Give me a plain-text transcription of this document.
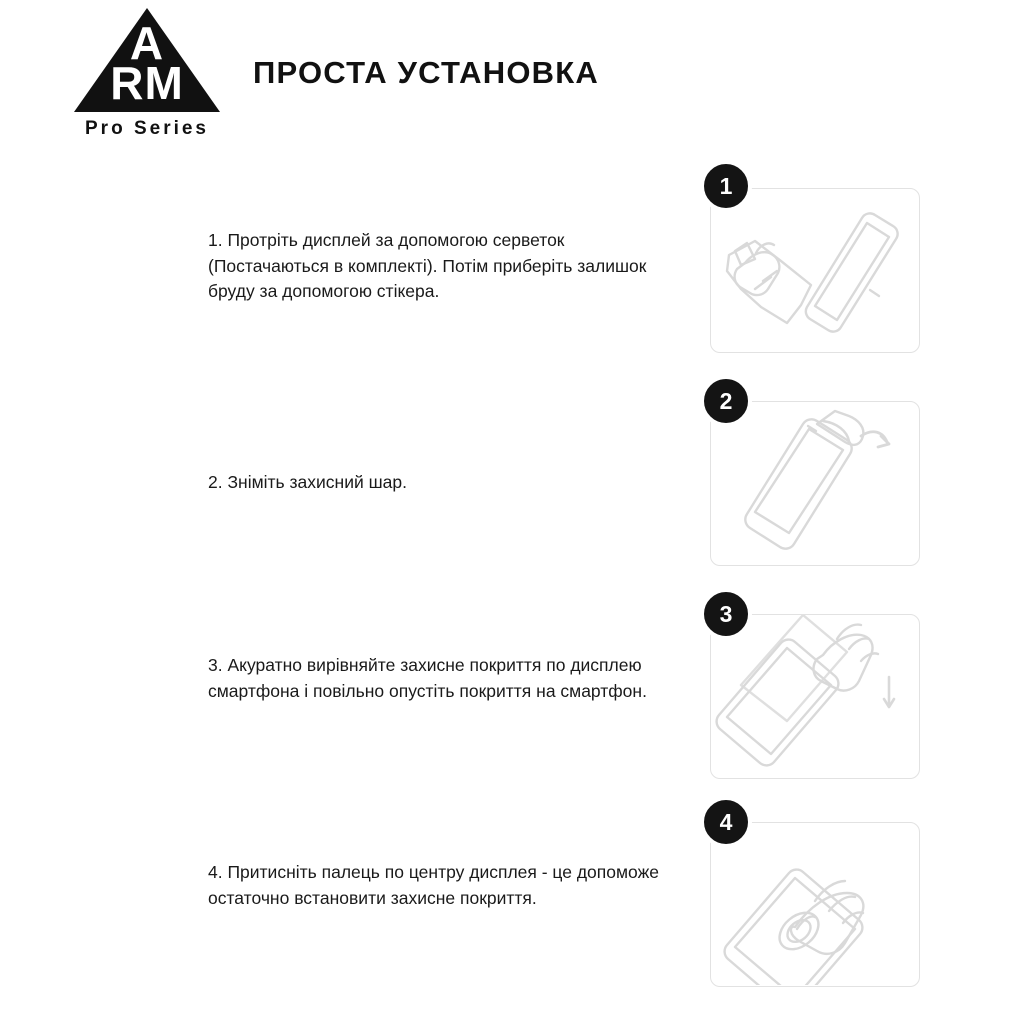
A
RM
Pro Series
ПРОСТА УСТАНОВКА
1. Протріть дисплей за допомогою серветок (Постачаються в комплекті). Потім приберіть залишок бруду за допомогою стікера.
2. Зніміть захисний шар.
3. Акуратно вирівняйте захисне покриття по дисплею смартфона і повільно опустіть покриття на смартфон.
4. Притисніть палець по центру дисплея - це допоможе остаточно встановити захисне покриття.
1
2
3
4
